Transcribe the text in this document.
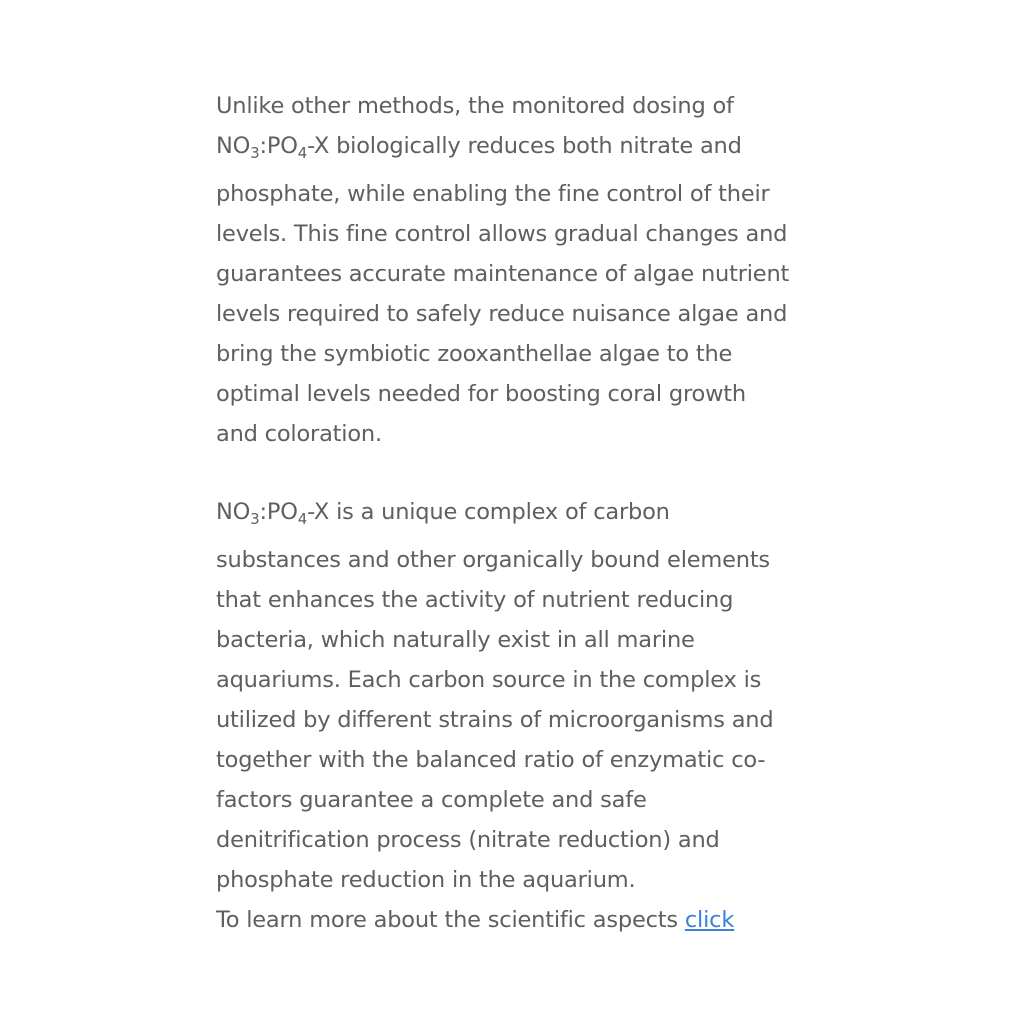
Unlike other methods, the monitored dosing of
$NO_3:PO_4-X$ biologically reduces both nitrate and
phosphate, while enabling the fine control of their
levels. This fine control allows gradual changes and
guarantees accurate maintenance of algae nutrient
levels required to safely reduce nuisance algae and
bring the symbiotic zooxanthellae algae to the
optimal levels needed for boosting coral growth
and coloration.

$NO_3:PO_4-X$ is a unique complex of carbon
substances and other organically bound elements
that enhances the activity of nutrient reducing
bacteria, which naturally exist in all marine
aquariums. Each carbon source in the complex is
utilized by different strains of microorganisms and
together with the balanced ratio of enzymatic co-
factors guarantee a complete and safe
denitrification process (nitrate reduction) and
phosphate reduction in the aquarium.
To learn more about the scientific aspects click
